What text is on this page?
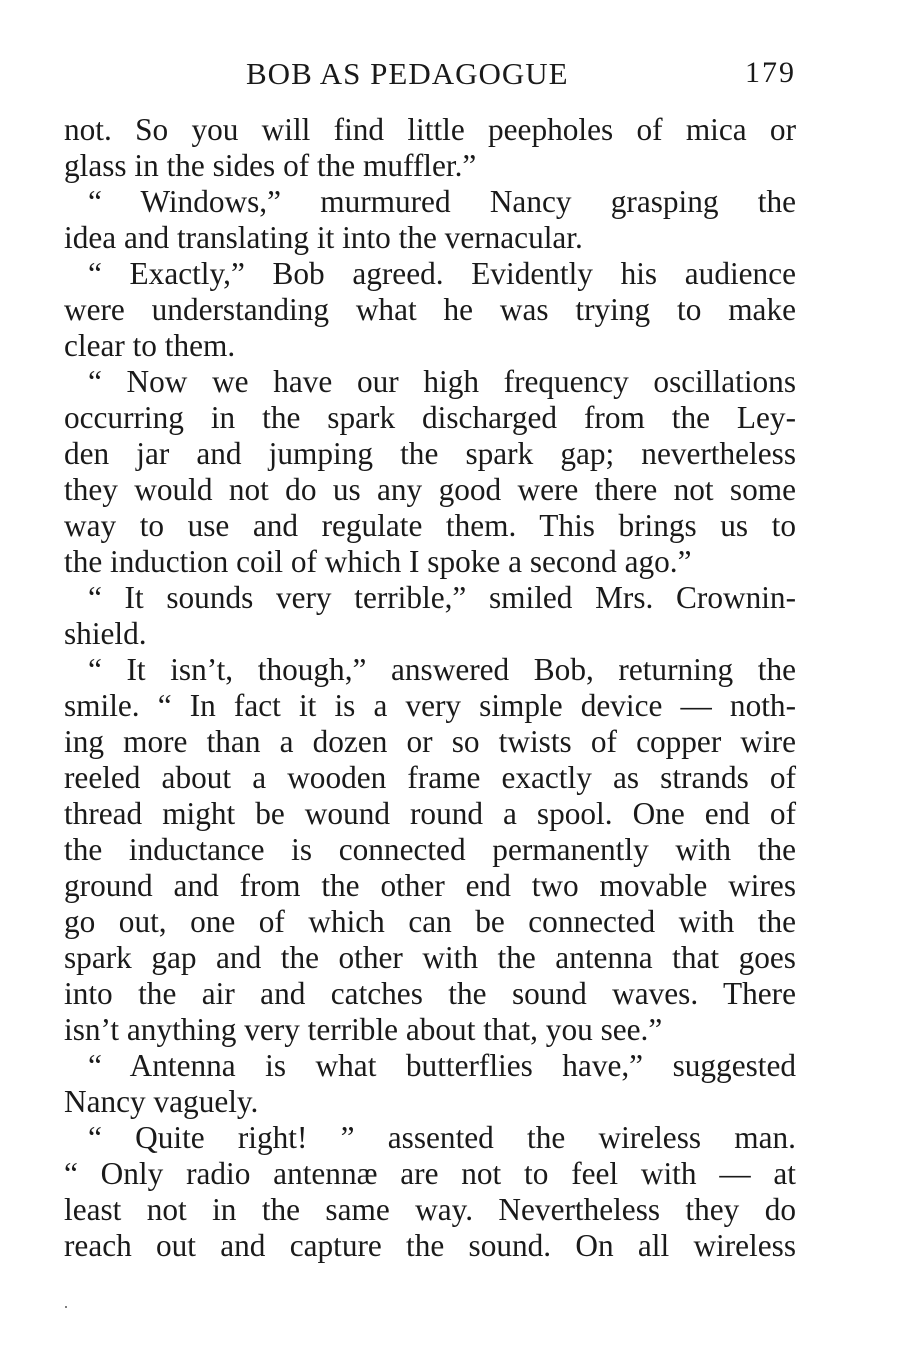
BOB AS PEDAGOGUE	179
not. So you will find little peepholes of mica or
glass in the sides of the muffler.”
“ Windows,” murmured Nancy grasping the
idea and translating it into the vernacular.
“ Exactly,” Bob agreed. Evidently his audience
were understanding what he was trying to make
clear to them.
“ Now we have our high frequency oscillations
occurring in the spark discharged from the Ley-
den jar and jumping the spark gap; nevertheless
they would not do us any good were there not some
way to use and regulate them. This brings us to
the induction coil of which I spoke a second ago.”
“ It sounds very terrible,” smiled Mrs. Crownin-
shield.
“ It isn’t, though,” answered Bob, returning the
smile. “ In fact it is a very simple device — noth-
ing more than a dozen or so twists of copper wire
reeled about a wooden frame exactly as strands of
thread might be wound round a spool. One end of
the inductance is connected permanently with the
ground and from the other end two movable wires
go out, one of which can be connected with the
spark gap and the other with the antenna that goes
into the air and catches the sound waves. There
isn’t anything very terrible about that, you see.”
“ Antenna is what butterflies have,” suggested
Nancy vaguely.
“ Quite right! ” assented the wireless man.
“ Only radio antennæ are not to feel with — at
least not in the same way. Nevertheless they do
reach out and capture the sound. On all wireless
